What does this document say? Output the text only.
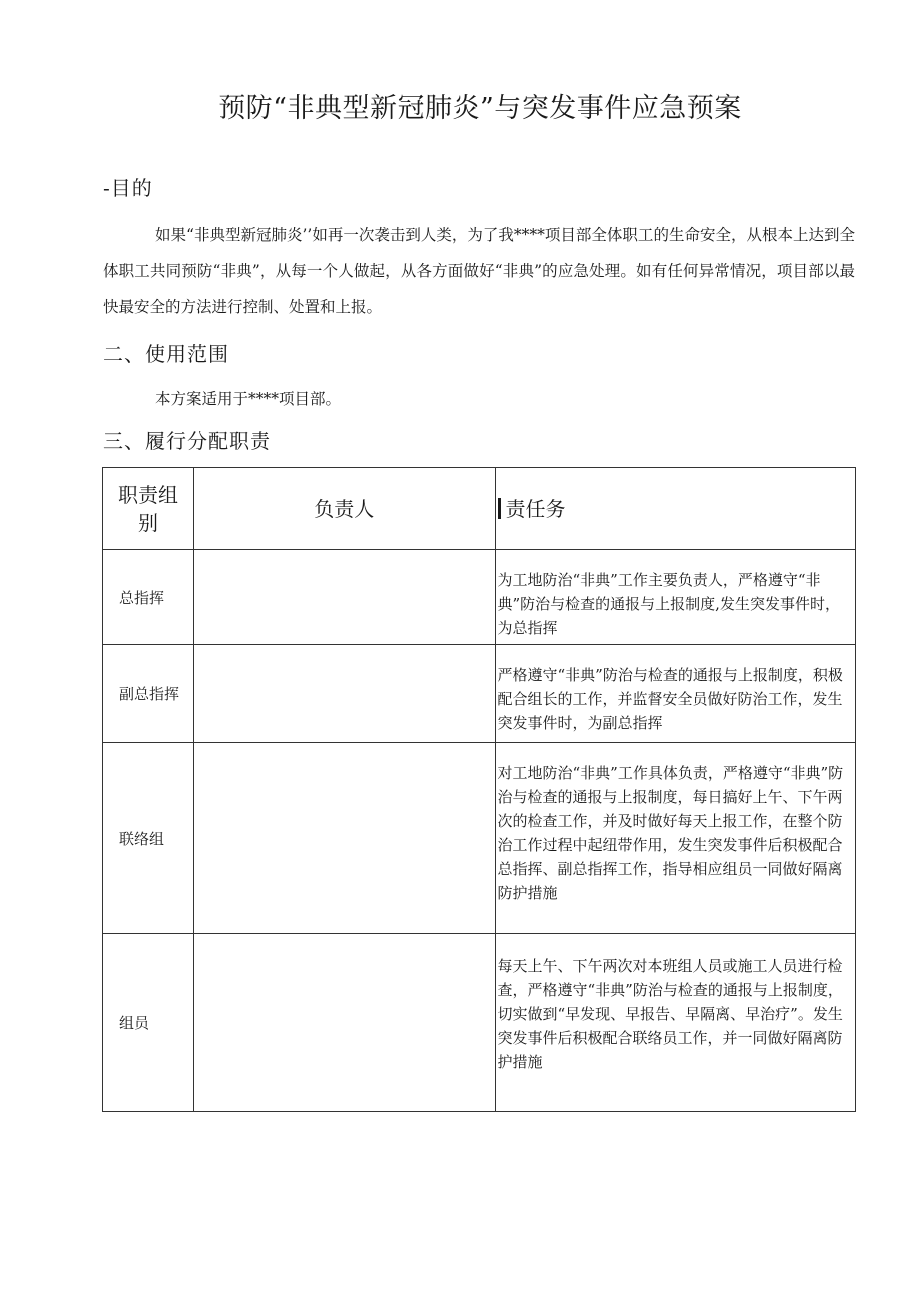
预防“非典型新冠肺炎”与突发事件应急预案
-目的
如果“非典型新冠肺炎’’如再一次袭击到人类，为了我****项目部全体职工的生命安全，从根本上达到全体职工共同预防“非典”，从每一个人做起，从各方面做好“非典”的应急处理。如有任何异常情况，项目部以最快最安全的方法进行控制、处置和上报。
二、使用范围
本方案适用于****项目部。
三、履行分配职责
职责组别	负责人	责任务
总指挥		为工地防治“非典”工作主要负责人，严格遵守“非典”防治与检查的通报与上报制度,发生突发事件时，为总指挥
副总指挥		严格遵守“非典”防治与检查的通报与上报制度，积极配合组长的工作，并监督安全员做好防治工作，发生突发事件时，为副总指挥
联络组		对工地防治“非典”工作具体负责，严格遵守“非典”防治与检查的通报与上报制度，每日搞好上午、下午两次的检查工作，并及时做好每天上报工作，在整个防治工作过程中起纽带作用，发生突发事件后积极配合总指挥、副总指挥工作，指导相应组员一同做好隔离防护措施
组员		每天上午、下午两次对本班组人员或施工人员进行检查，严格遵守“非典”防治与检查的通报与上报制度，切实做到“早发现、早报告、早隔离、早治疗”。发生突发事件后积极配合联络员工作，并一同做好隔离防护措施
